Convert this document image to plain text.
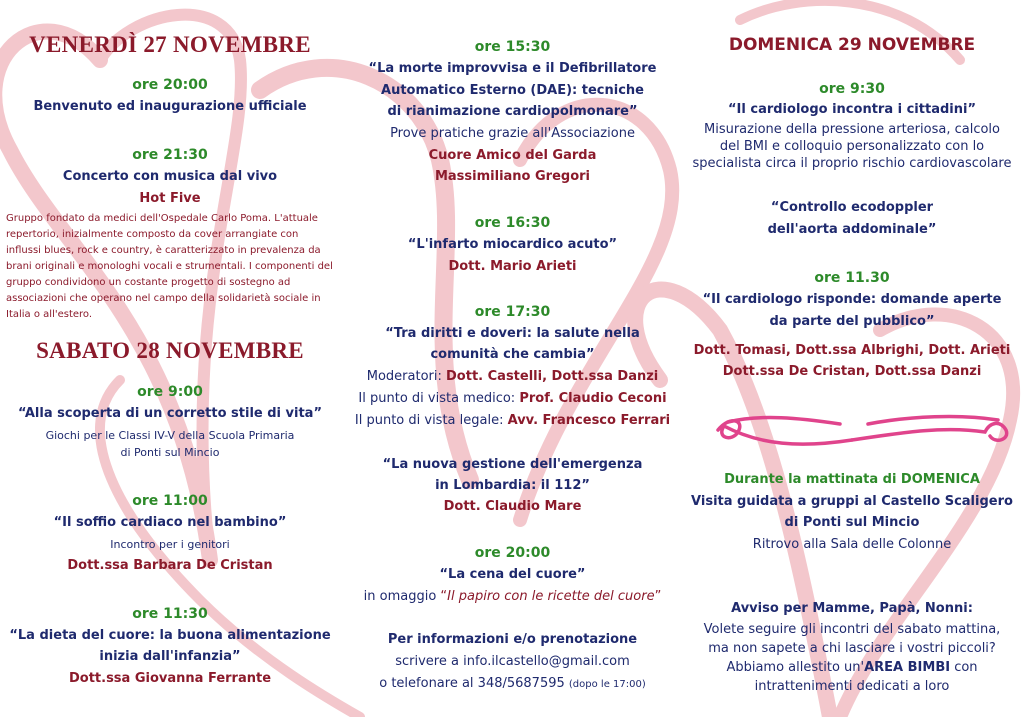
VENERDÌ 27 NOVEMBRE
ore 20:00
Benvenuto ed inaugurazione ufficiale
ore 21:30
Concerto con musica dal vivo
Hot Five
Gruppo fondato da medici dell'Ospedale Carlo Poma. L'attuale repertorio, inizialmente composto da cover arrangiate con influssi blues, rock e country, è caratterizzato in prevalenza da brani originali e monologhi vocali e strumentali. I componenti del gruppo condividono un costante progetto di sostegno ad associazioni che operano nel campo della solidarietà sociale in Italia o all'estero.
SABATO 28 NOVEMBRE
ore 9:00
“Alla scoperta di un corretto stile di vita”
Giochi per le Classi IV-V della Scuola Primaria
di Ponti sul Mincio
ore 11:00
“Il soffio cardiaco nel bambino”
Incontro per i genitori
Dott.ssa Barbara De Cristan
ore 11:30
“La dieta del cuore: la buona alimentazione
inizia dall'infanzia”
Dott.ssa Giovanna Ferrante
ore 15:30
“La morte improvvisa e il Defibrillatore
Automatico Esterno (DAE): tecniche
di rianimazione cardiopolmonare”
Prove pratiche grazie all'Associazione
Cuore Amico del Garda
Massimiliano Gregori
ore 16:30
“L'infarto miocardico acuto”
Dott. Mario Arieti
ore 17:30
“Tra diritti e doveri: la salute nella
comunità che cambia”
Moderatori: Dott. Castelli, Dott.ssa Danzi
Il punto di vista medico: Prof. Claudio Ceconi
Il punto di vista legale: Avv. Francesco Ferrari
“La nuova gestione dell'emergenza
in Lombardia: il 112”
Dott. Claudio Mare
ore 20:00
“La cena del cuore”
in omaggio “Il papiro con le ricette del cuore”
Per informazioni e/o prenotazione
scrivere a info.ilcastello@gmail.com
o telefonare al 348/5687595 (dopo le 17:00)
DOMENICA 29 NOVEMBRE
ore 9:30
“Il cardiologo incontra i cittadini”
Misurazione della pressione arteriosa, calcolo
del BMI e colloquio personalizzato con lo
specialista circa il proprio rischio cardiovascolare
“Controllo ecodoppler
dell'aorta addominale”
ore 11.30
“Il cardiologo risponde: domande aperte
da parte del pubblico”
Dott. Tomasi, Dott.ssa Albrighi, Dott. Arieti
Dott.ssa De Cristan, Dott.ssa Danzi
Durante la mattinata di DOMENICA
Visita guidata a gruppi al Castello Scaligero
di Ponti sul Mincio
Ritrovo alla Sala delle Colonne
Avviso per Mamme, Papà, Nonni:
Volete seguire gli incontri del sabato mattina,
ma non sapete a chi lasciare i vostri piccoli?
Abbiamo allestito un'AREA BIMBI con
intrattenimenti dedicati a loro
